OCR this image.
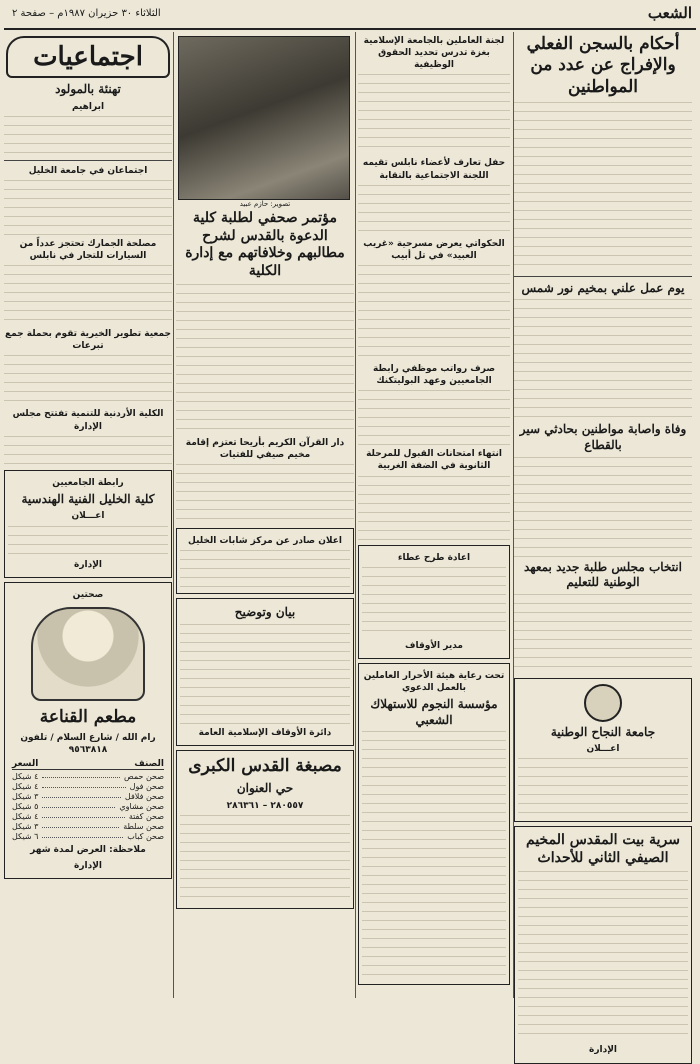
الشعب
الثلاثاء ٣٠ حزيران ١٩٨٧م – صفحة ٢
أحكام بالسجن الفعلي والإفراج عن عدد من المواطنين
يوم عمل علني بمخيم نور شمس
وفاة واصابة مواطنين بحادثي سير بالقطاع
انتخاب مجلس طلبة جديد بمعهد الوطنية للتعليم
جامعة النجاح الوطنية
اعـــلان
سرية بيت المقدس المخيم الصيفي الثاني للأحداث
الإدارة
لجنة العاملين بالجامعة الإسلامية بغزة تدرس تحديد الحقوق الوظيفية
حفل تعارف لأعضاء نابلس تقيمه اللجنة الاجتماعية بالنقابة
الحكواتي يعرض مسرحية «غريب العبيد» في تل أبيب
صرف رواتب موظفي رابطة الجامعيين وعهد البوليتكنك
انتهاء امتحانات القبول للمرحلة الثانوية في الضفة الغربية
اعادة طرح عطاء
مدير الأوقاف
تحت رعاية هيئة الأحرار العاملين بالعمل الدعوي
مؤسسة النجوم للاستهلاك الشعبي
تصوير: حازم عبيد
مؤتمر صحفي لطلبة كلية الدعوة بالقدس لشرح مطالبهم وخلافاتهم مع إدارة الكلية
دار القرآن الكريم بأريحا تعتزم إقامة مخيم صيفي للفتيات
اعلان صادر عن مركز شابات الخليل
بيان وتوضيح
دائرة الأوقاف الإسلامية العامة
مصبغة القدس الكبرى
حي العنوان
٢٨٠٥٥٧ – ٢٨٦٣٦١
اجتماعيات
تهنئة بالمولود
ابراهيم
اجتماعان في جامعة الخليل
مصلحة الجمارك تحتجز عدداً من السيارات للتجار في نابلس
جمعية تطوير الخيرية تقوم بحملة جمع تبرعات
الكلية الأردنية للتنمية تفتتح مجلس الإدارة
رابطة الجامعيين
كلية الخليل الفنية الهندسية
اعـــلان
الإدارة
صحتين
مطعم القناعة
رام الله / شارع السلام / تلفون ٩٥٦٣٨١٨
الصنف
السعر
صحن حمص
٤ شيكل
صحن فول
٤ شيكل
صحن فلافل
٣ شيكل
صحن مشاوي
٥ شيكل
صحن كفتة
٤ شيكل
صحن سلطة
٣ شيكل
صحن كباب
٦ شيكل
ملاحظة: العرض لمدة شهر
الإدارة
